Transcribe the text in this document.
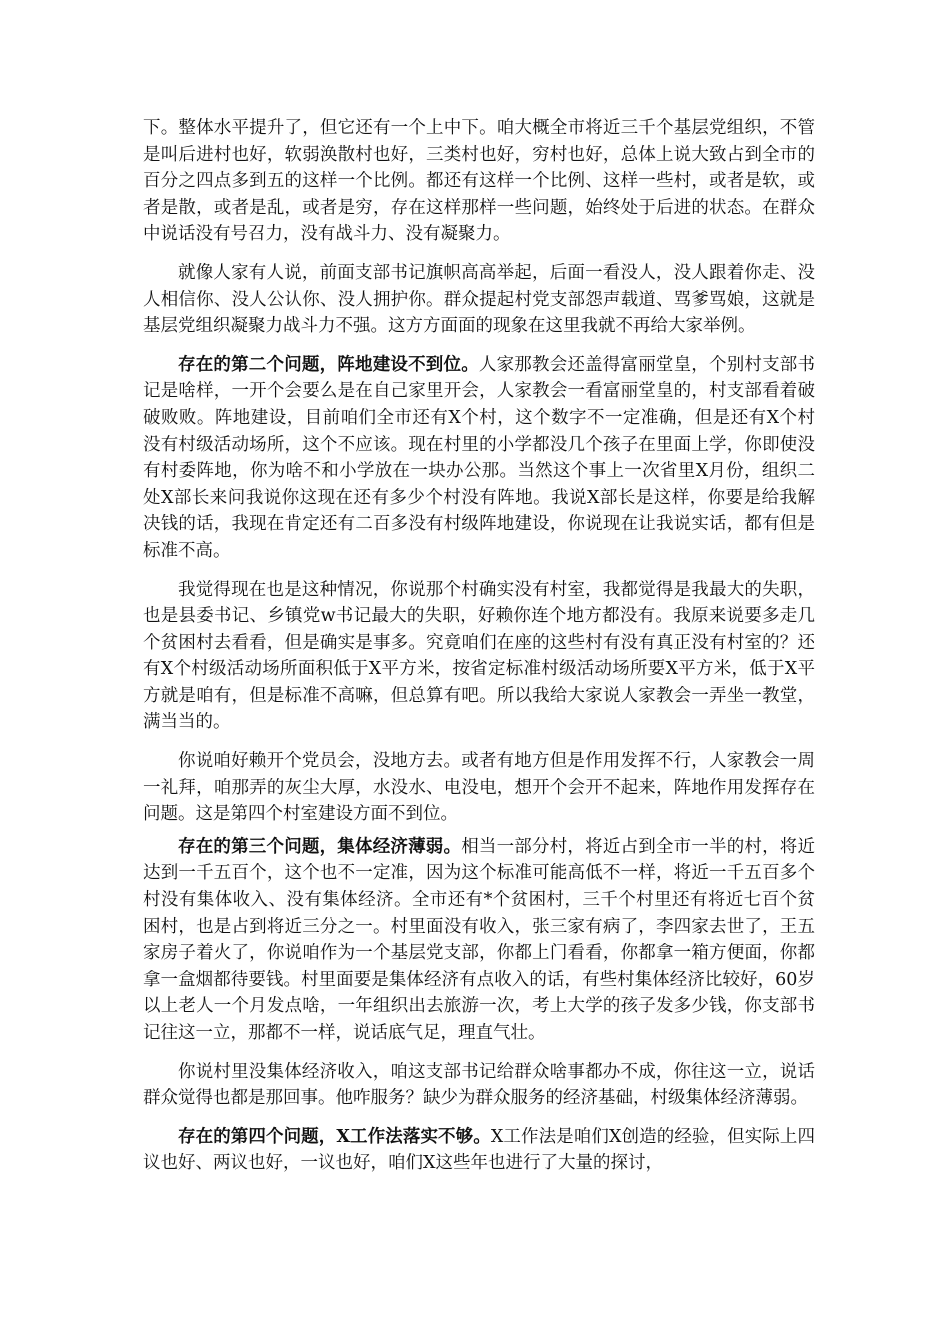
下。整体水平提升了，但它还有一个上中下。咱大概全市将近三千个基层党组织，不管是叫后进村也好，软弱涣散村也好，三类村也好，穷村也好，总体上说大致占到全市的百分之四点多到五的这样一个比例。都还有这样一个比例、这样一些村，或者是软，或者是散，或者是乱，或者是穷，存在这样那样一些问题，始终处于后进的状态。在群众中说话没有号召力，没有战斗力、没有凝聚力。

就像人家有人说，前面支部书记旗帜高高举起，后面一看没人，没人跟着你走、没人相信你、没人公认你、没人拥护你。群众提起村党支部怨声载道、骂爹骂娘，这就是基层党组织凝聚力战斗力不强。这方方面面的现象在这里我就不再给大家举例。

存在的第二个问题，阵地建设不到位。人家那教会还盖得富丽堂皇，个别村支部书记是啥样，一开个会要么是在自己家里开会，人家教会一看富丽堂皇的，村支部看着破破败败。阵地建设，目前咱们全市还有X个村，这个数字不一定准确，但是还有X个村没有村级活动场所，这个不应该。现在村里的小学都没几个孩子在里面上学，你即使没有村委阵地，你为啥不和小学放在一块办公那。当然这个事上一次省里X月份，组织二处X部长来问我说你这现在还有多少个村没有阵地。我说X部长是这样，你要是给我解决钱的话，我现在肯定还有二百多没有村级阵地建设，你说现在让我说实话，都有但是标准不高。

我觉得现在也是这种情况，你说那个村确实没有村室，我都觉得是我最大的失职，也是县委书记、乡镇党w书记最大的失职，好赖你连个地方都没有。我原来说要多走几个贫困村去看看，但是确实是事多。究竟咱们在座的这些村有没有真正没有村室的？还有X个村级活动场所面积低于X平方米，按省定标准村级活动场所要X平方米，低于X平方就是咱有，但是标准不高嘛，但总算有吧。所以我给大家说人家教会一弄坐一教堂，满当当的。

你说咱好赖开个党员会，没地方去。或者有地方但是作用发挥不行，人家教会一周一礼拜，咱那弄的灰尘大厚，水没水、电没电，想开个会开不起来，阵地作用发挥存在问题。这是第四个村室建设方面不到位。

存在的第三个问题，集体经济薄弱。相当一部分村，将近占到全市一半的村，将近达到一千五百个，这个也不一定准，因为这个标准可能高低不一样，将近一千五百多个村没有集体收入、没有集体经济。全市还有*个贫困村，三千个村里还有将近七百个贫困村，也是占到将近三分之一。村里面没有收入，张三家有病了，李四家去世了，王五家房子着火了，你说咱作为一个基层党支部，你都上门看看，你都拿一箱方便面，你都拿一盒烟都待要钱。村里面要是集体经济有点收入的话，有些村集体经济比较好，60岁以上老人一个月发点啥，一年组织出去旅游一次，考上大学的孩子发多少钱，你支部书记往这一立，那都不一样，说话底气足，理直气壮。

你说村里没集体经济收入，咱这支部书记给群众啥事都办不成，你往这一立，说话群众觉得也都是那回事。他咋服务？缺少为群众服务的经济基础，村级集体经济薄弱。

存在的第四个问题，X工作法落实不够。X工作法是咱们X创造的经验，但实际上四议也好、两议也好，一议也好，咱们X这些年也进行了大量的探讨，
